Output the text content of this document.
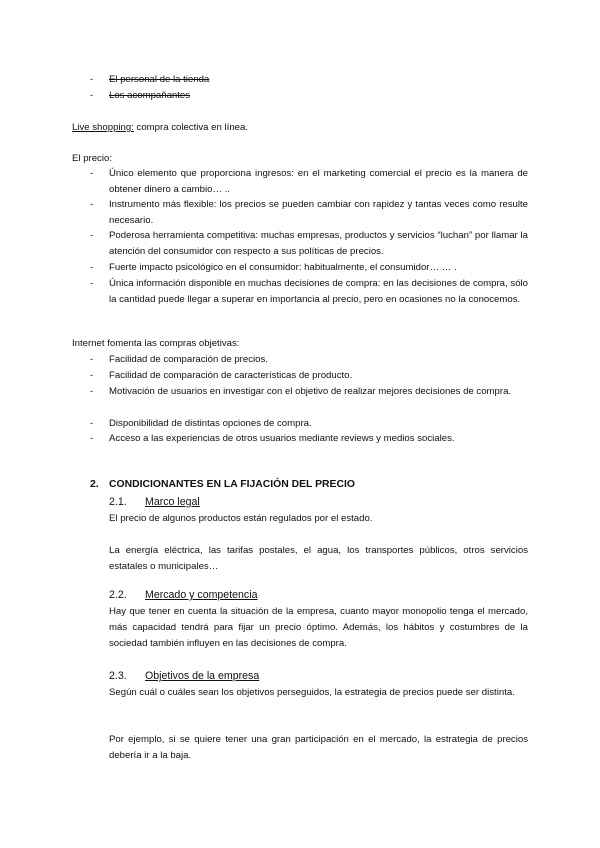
- El personal de la tienda
- Los acompañantes
Live shopping: compra colectiva en línea.
El precio:
- Único elemento que proporciona ingresos: en el marketing comercial el precio es la manera de obtener dinero a cambio… ..
- Instrumento más flexible: los precios se pueden cambiar con rapidez y tantas veces como resulte necesario.
- Poderosa herramienta competitiva: muchas empresas, productos y servicios “luchan” por llamar la atención del consumidor con respecto a sus políticas de precios.
- Fuerte impacto psicológico en el consumidor: habitualmente, el consumidor… … .
- Única información disponible en muchas decisiones de compra: en las decisiones de compra, sólo la cantidad puede llegar a superar en importancia al precio, pero en ocasiones no la conocemos.
Internet fomenta las compras objetivas:
- Facilidad de comparación de precios.
- Facilidad de comparación de características de producto.
- Motivación de usuarios en investigar con el objetivo de realizar mejores decisiones de compra.
- Disponibilidad de distintas opciones de compra.
- Acceso a las experiencias de otros usuarios mediante reviews y medios sociales.
2. CONDICIONANTES EN LA FIJACIÓN DEL PRECIO
2.1. Marco legal
El precio de algunos productos están regulados por el estado.
La energía eléctrica, las tarifas postales, el agua, los transportes públicos, otros servicios estatales o municipales…
2.2. Mercado y competencia
Hay que tener en cuenta la situación de la empresa, cuanto mayor monopolio tenga el mercado, más capacidad tendrá para fijar un precio óptimo. Además, los hábitos y costumbres de la sociedad también influyen en las decisiones de compra.
2.3. Objetivos de la empresa
Según cuál o cuáles sean los objetivos perseguidos, la estrategia de precios puede ser distinta.
Por ejemplo, si se quiere tener una gran participación en el mercado, la estrategia de precios debería ir a la baja.
